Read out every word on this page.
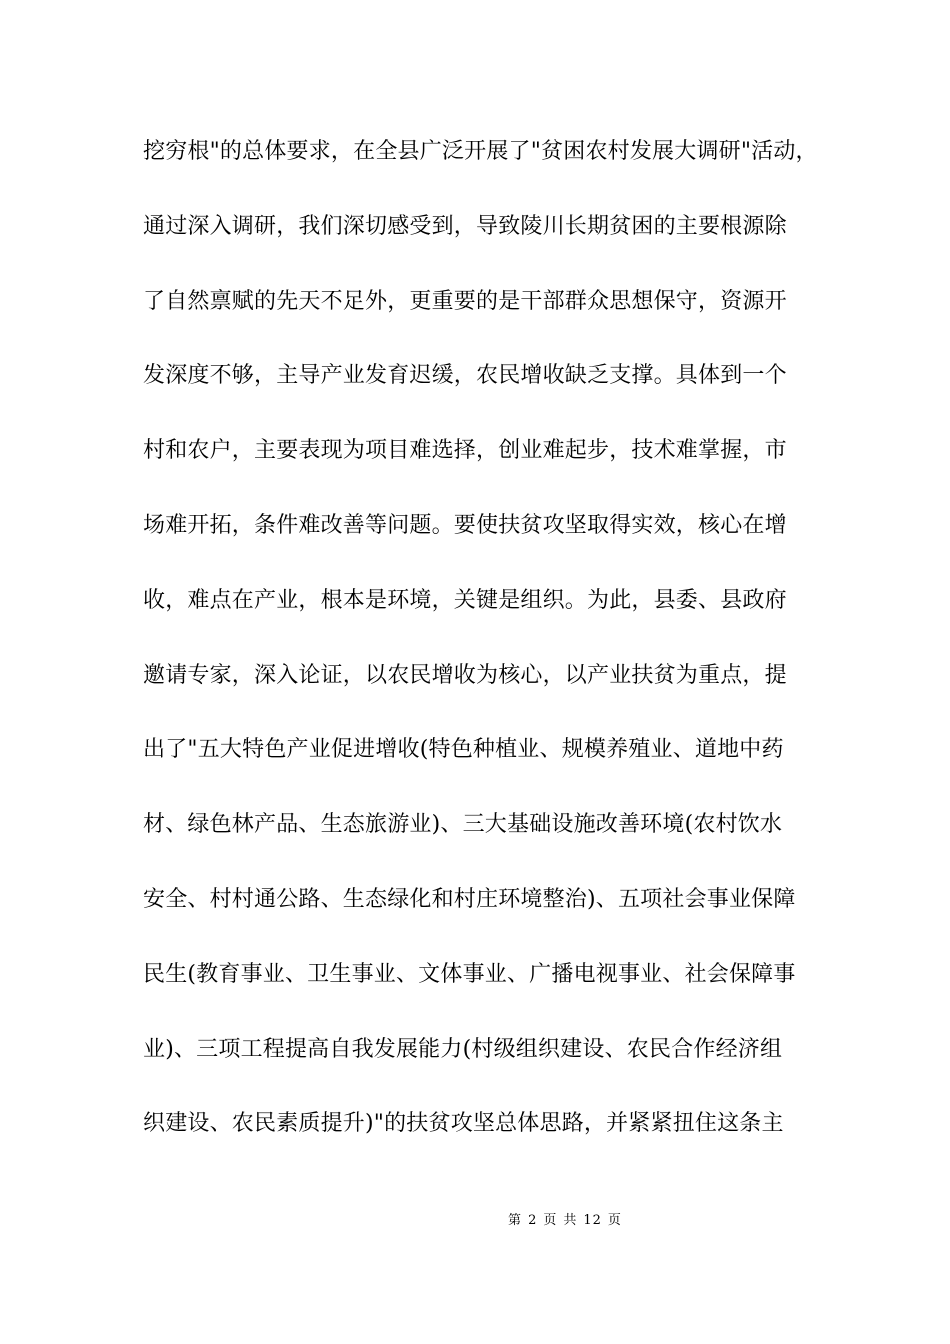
挖穷根"的总体要求，在全县广泛开展了"贫困农村发展大调研"活动，
通过深入调研，我们深切感受到，导致陵川长期贫困的主要根源除
了自然禀赋的先天不足外，更重要的是干部群众思想保守，资源开
发深度不够，主导产业发育迟缓，农民增收缺乏支撑。具体到一个
村和农户，主要表现为项目难选择，创业难起步，技术难掌握，市
场难开拓，条件难改善等问题。要使扶贫攻坚取得实效，核心在增
收，难点在产业，根本是环境，关键是组织。为此，县委、县政府
邀请专家，深入论证，以农民增收为核心，以产业扶贫为重点，提
出了"五大特色产业促进增收(特色种植业、规模养殖业、道地中药
材、绿色林产品、生态旅游业)、三大基础设施改善环境(农村饮水
安全、村村通公路、生态绿化和村庄环境整治)、五项社会事业保障
民生(教育事业、卫生事业、文体事业、广播电视事业、社会保障事
业)、三项工程提高自我发展能力(村级组织建设、农民合作经济组
织建设、农民素质提升)"的扶贫攻坚总体思路，并紧紧扭住这条主
第 2 页 共 12 页
